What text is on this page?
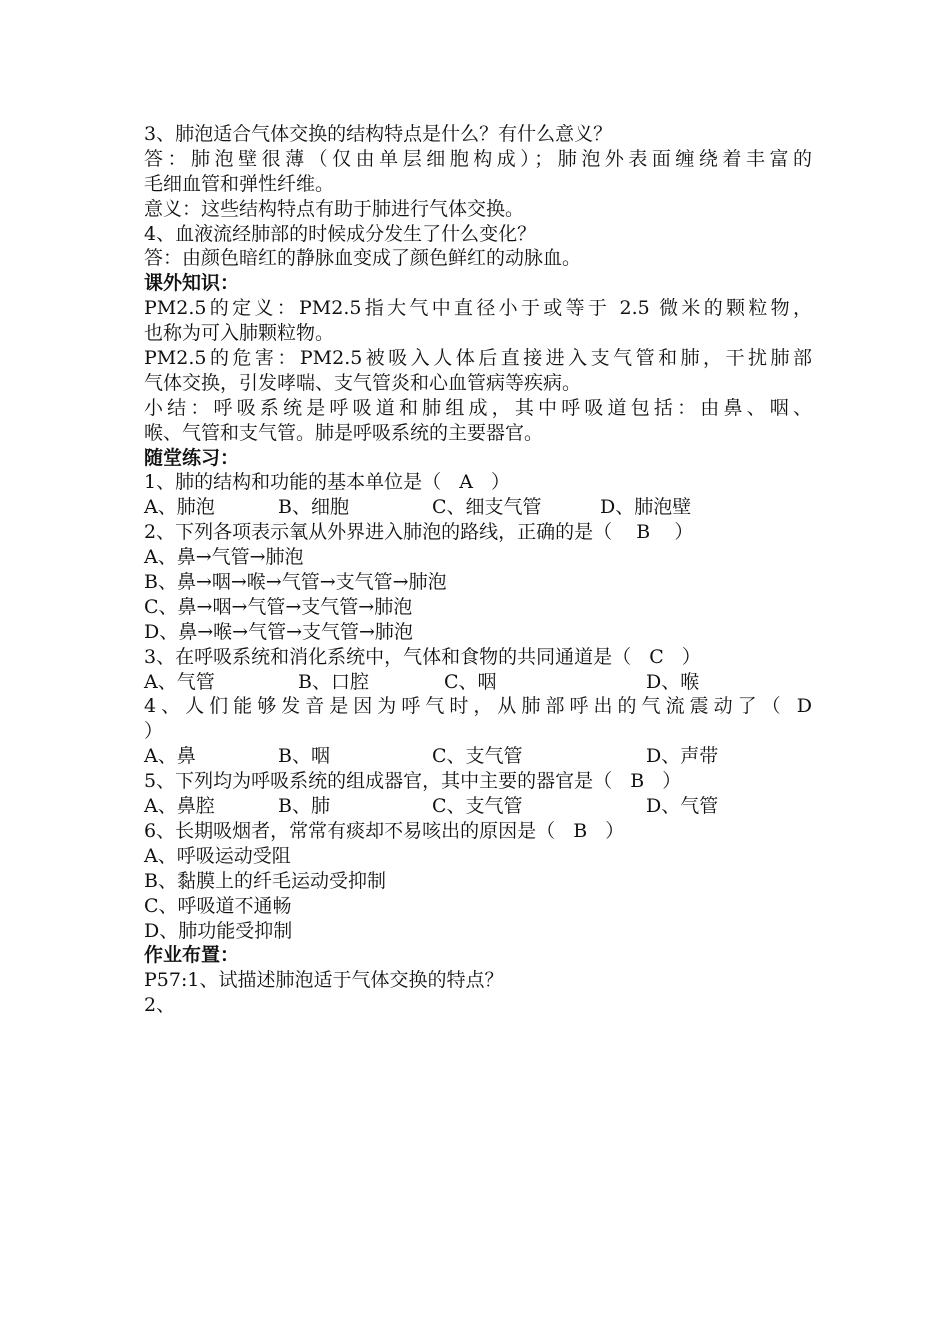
3、肺泡适合气体交换的结构特点是什么？有什么意义？
答：肺泡壁很薄（仅由单层细胞构成）；肺泡外表面缠绕着丰富的
毛细血管和弹性纤维。
意义：这些结构特点有助于肺进行气体交换。
4、血液流经肺部的时候成分发生了什么变化？
答：由颜色暗红的静脉血变成了颜色鲜红的动脉血。
课外知识：
PM2.5的定义：PM2.5指大气中直径小于或等于 2.5 微米的颗粒物，
也称为可入肺颗粒物。
PM2.5的危害：PM2.5被吸入人体后直接进入支气管和肺，干扰肺部
气体交换，引发哮喘、支气管炎和心血管病等疾病。
小结：呼吸系统是呼吸道和肺组成，其中呼吸道包括：由鼻、咽、
喉、气管和支气管。肺是呼吸系统的主要器官。
随堂练习：
1、肺的结构和功能的基本单位是（   A   ）
A、肺泡	B、细胞	C、细支气管	D、肺泡壁
2、下列各项表示氧从外界进入肺泡的路线，正确的是（    B    ）
A、鼻→气管→肺泡
B、鼻→咽→喉→气管→支气管→肺泡
C、鼻→咽→气管→支气管→肺泡
D、鼻→喉→气管→支气管→肺泡
3、在呼吸系统和消化系统中，气体和食物的共同通道是（   C   ）
A、气管	B、口腔	C、咽	D、喉
4、人们能够发音是因为呼气时，从肺部呼出的气流震动了（ D
）
A、鼻	B、咽	C、支气管	D、声带
5、下列均为呼吸系统的组成器官，其中主要的器官是（   B   ）
A、鼻腔	B、肺	C、支气管	D、气管
6、长期吸烟者，常常有痰却不易咳出的原因是（   B   ）
A、呼吸运动受阻
B、黏膜上的纤毛运动受抑制
C、呼吸道不通畅
D、肺功能受抑制
作业布置：
P57:1、试描述肺泡适于气体交换的特点？
2、
